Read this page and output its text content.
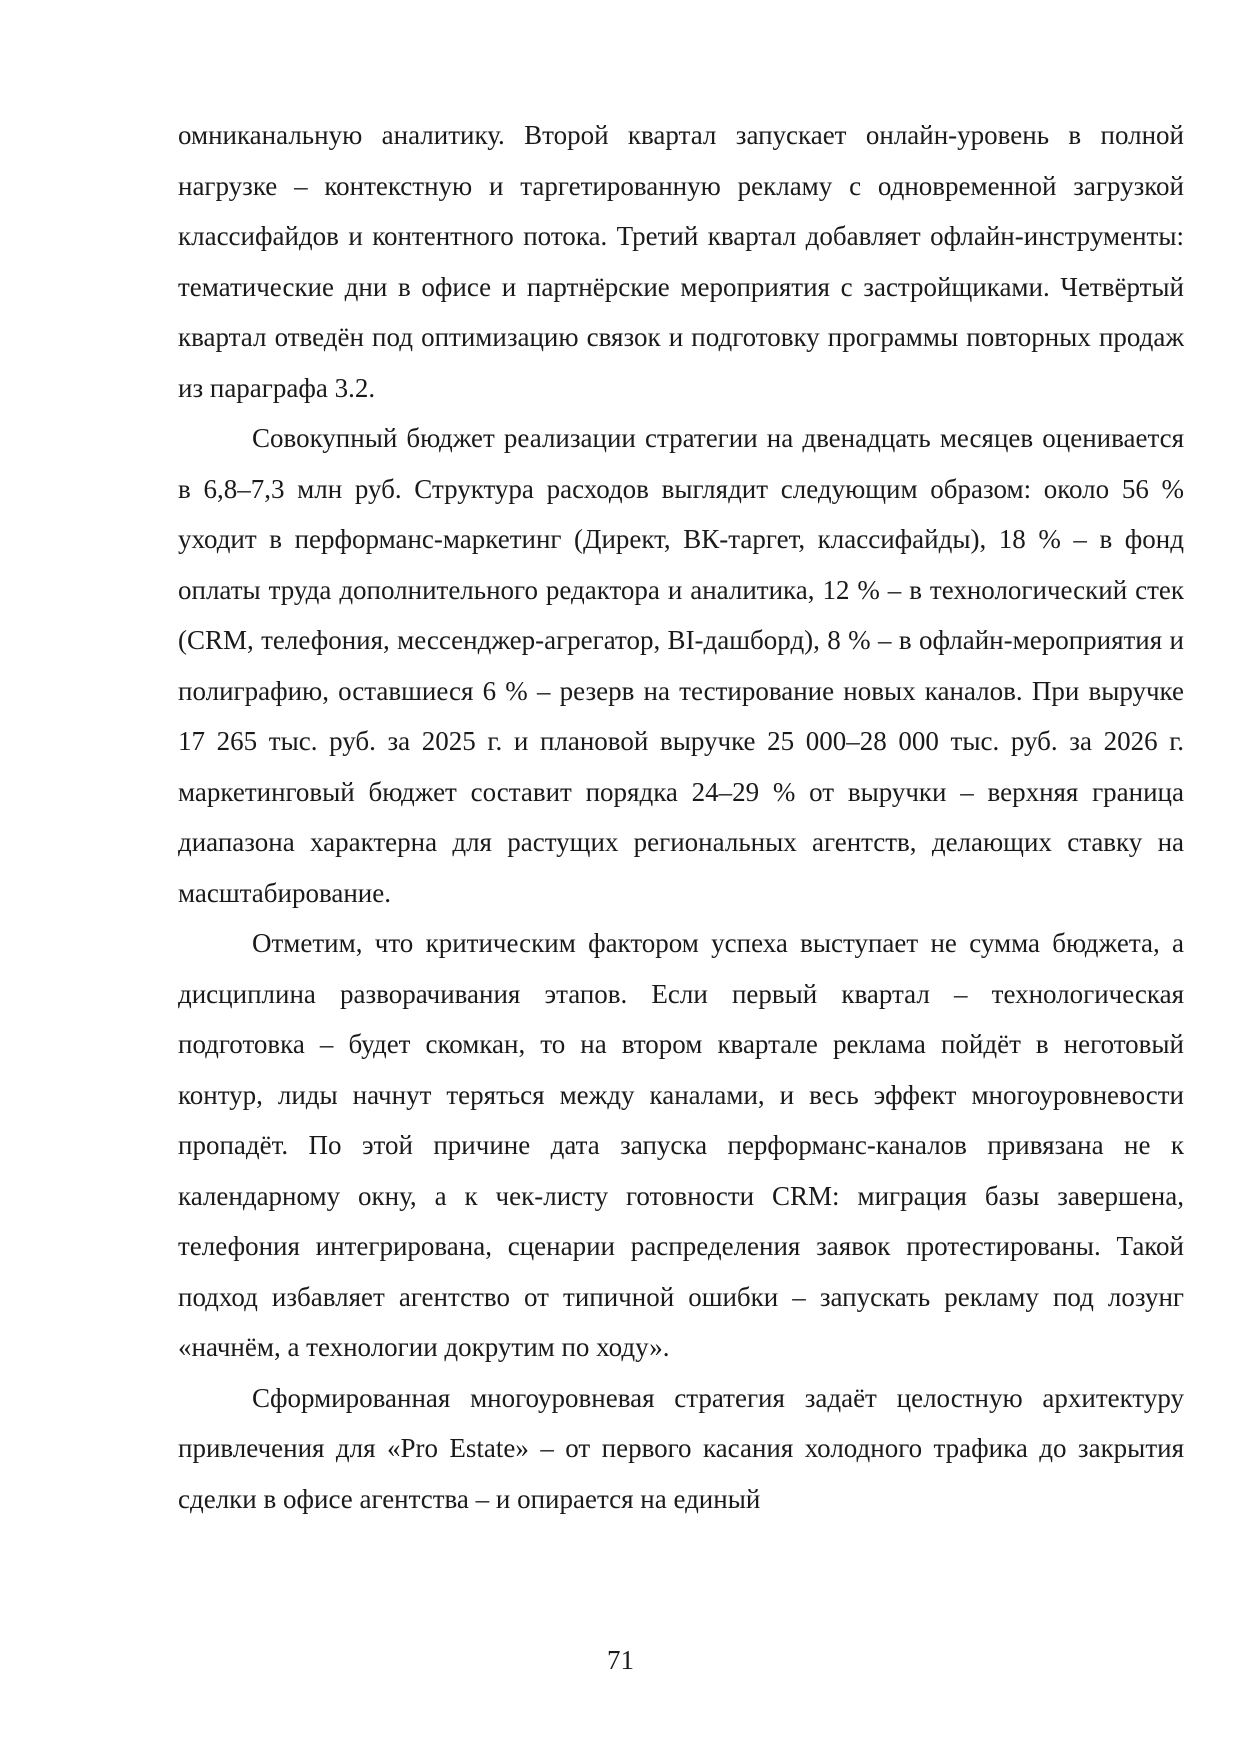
омниканальную аналитику. Второй квартал запускает онлайн-уровень в полной нагрузке – контекстную и таргетированную рекламу с одновременной загрузкой классифайдов и контентного потока. Третий квартал добавляет офлайн-инструменты: тематические дни в офисе и партнёрские мероприятия с застройщиками. Четвёртый квартал отведён под оптимизацию связок и подготовку программы повторных продаж из параграфа 3.2.

Совокупный бюджет реализации стратегии на двенадцать месяцев оценивается в 6,8–7,3 млн руб. Структура расходов выглядит следующим образом: около 56 % уходит в перформанс-маркетинг (Директ, ВК-таргет, классифайды), 18 % – в фонд оплаты труда дополнительного редактора и аналитика, 12 % – в технологический стек (CRM, телефония, мессенджер-агрегатор, BI-дашборд), 8 % – в офлайн-мероприятия и полиграфию, оставшиеся 6 % – резерв на тестирование новых каналов. При выручке 17 265 тыс. руб. за 2025 г. и плановой выручке 25 000–28 000 тыс. руб. за 2026 г. маркетинговый бюджет составит порядка 24–29 % от выручки – верхняя граница диапазона характерна для растущих региональных агентств, делающих ставку на масштабирование.

Отметим, что критическим фактором успеха выступает не сумма бюджета, а дисциплина разворачивания этапов. Если первый квартал – технологическая подготовка – будет скомкан, то на втором квартале реклама пойдёт в неготовый контур, лиды начнут теряться между каналами, и весь эффект многоуровневости пропадёт. По этой причине дата запуска перформанс-каналов привязана не к календарному окну, а к чек-листу готовности CRM: миграция базы завершена, телефония интегрирована, сценарии распределения заявок протестированы. Такой подход избавляет агентство от типичной ошибки – запускать рекламу под лозунг «начнём, а технологии докрутим по ходу».

Сформированная многоуровневая стратегия задаёт целостную архитектуру привлечения для «Pro Estate» – от первого касания холодного трафика до закрытия сделки в офисе агентства – и опирается на единый

71
